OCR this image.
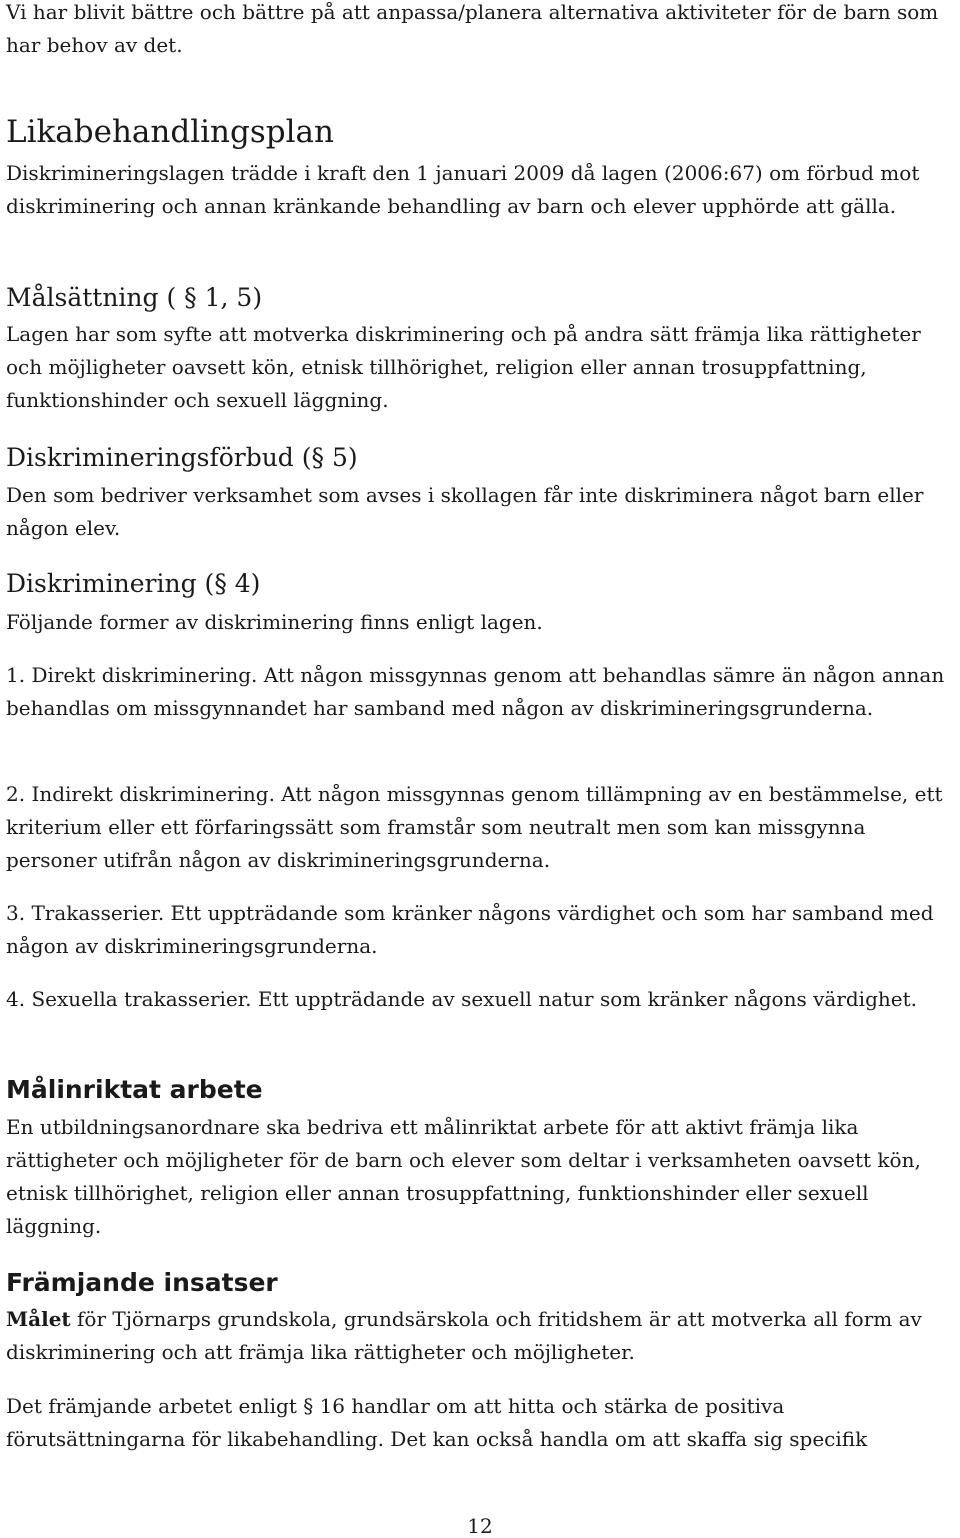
Vi har blivit bättre och bättre på att anpassa/planera alternativa aktiviteter för de barn som har behov av det.

Likabehandlingsplan

Diskrimineringslagen trädde i kraft den 1 januari 2009 då lagen (2006:67) om förbud mot diskriminering och annan kränkande behandling av barn och elever upphörde att gälla.

Målsättning ( § 1, 5)

Lagen har som syfte att motverka diskriminering och på andra sätt främja lika rättigheter och möjligheter oavsett kön, etnisk tillhörighet, religion eller annan trosuppfattning, funktionshinder och sexuell läggning.

Diskrimineringsförbud (§ 5)

Den som bedriver verksamhet som avses i skollagen får inte diskriminera något barn eller någon elev.

Diskriminering (§ 4)

Följande former av diskriminering finns enligt lagen.

1. Direkt diskriminering. Att någon missgynnas genom att behandlas sämre än någon annan behandlas om missgynnandet har samband med någon av diskrimineringsgrunderna.

2. Indirekt diskriminering. Att någon missgynnas genom tillämpning av en bestämmelse, ett kriterium eller ett förfaringssätt som framstår som neutralt men som kan missgynna personer utifrån någon av diskrimineringsgrunderna.

3. Trakasserier. Ett uppträdande som kränker någons värdighet och som har samband med någon av diskrimineringsgrunderna.

4. Sexuella trakasserier. Ett uppträdande av sexuell natur som kränker någons värdighet.

Målinriktat arbete

En utbildningsanordnare ska bedriva ett målinriktat arbete för att aktivt främja lika rättigheter och möjligheter för de barn och elever som deltar i verksamheten oavsett kön, etnisk tillhörighet, religion eller annan trosuppfattning, funktionshinder eller sexuell läggning.

Främjande insatser

Målet för Tjörnarps grundskola, grundsärskola och fritidshem är att motverka all form av diskriminering och att främja lika rättigheter och möjligheter.

Det främjande arbetet enligt § 16 handlar om att hitta och stärka de positiva förutsättningarna för likabehandling. Det kan också handla om att skaffa sig specifik

12
